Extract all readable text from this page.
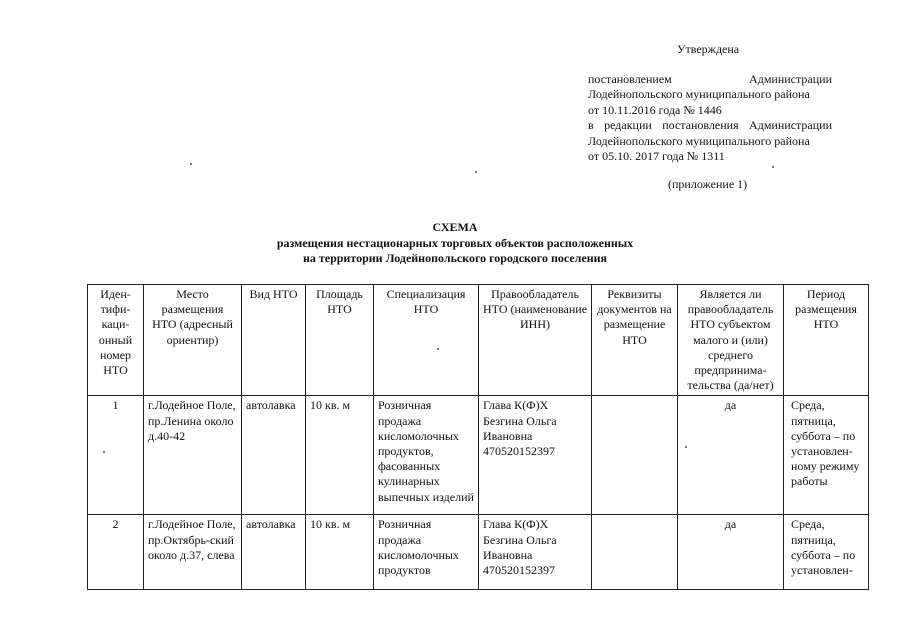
Утверждена
постановлением Администрации
Лодейнопольского муниципального района
от 10.11.2016 года № 1446
в редакции постановления Администрации
Лодейнопольского муниципального района
от 05.10. 2017 года № 1311
(приложение 1)
СХЕМА
размещения нестационарных торговых объектов расположенных
на территории Лодейнопольского городского поселения
Иден-тифи-каци-онный номер НТО	Место размещения НТО (адресный ориентир)	Вид НТО	Площадь НТО	Специализация НТО	Правообладатель НТО (наименование ИНН)	Реквизиты документов на размещение НТО	Является ли правообладатель НТО субъектом малого и (или) среднего предпринима-тельства (да/нет)	Период размещения НТО
1	г.Лодейное Поле, пр.Ленина около д.40-42	автолавка	10 кв. м	Розничная продажа кисломолочных продуктов, фасованных кулинарных выпечных изделий	Глава К(Ф)Х Безгина Ольга Ивановна 470520152397		да	Среда, пятница, суббота – по установлен-ному режиму работы
2	г.Лодейное Поле, пр.Октябрь-ский около д.37, слева	автолавка	10 кв. м	Розничная продажа кисломолочных продуктов	Глава К(Ф)Х Безгина Ольга Ивановна 470520152397		да	Среда, пятница, суббота – по установлен-
